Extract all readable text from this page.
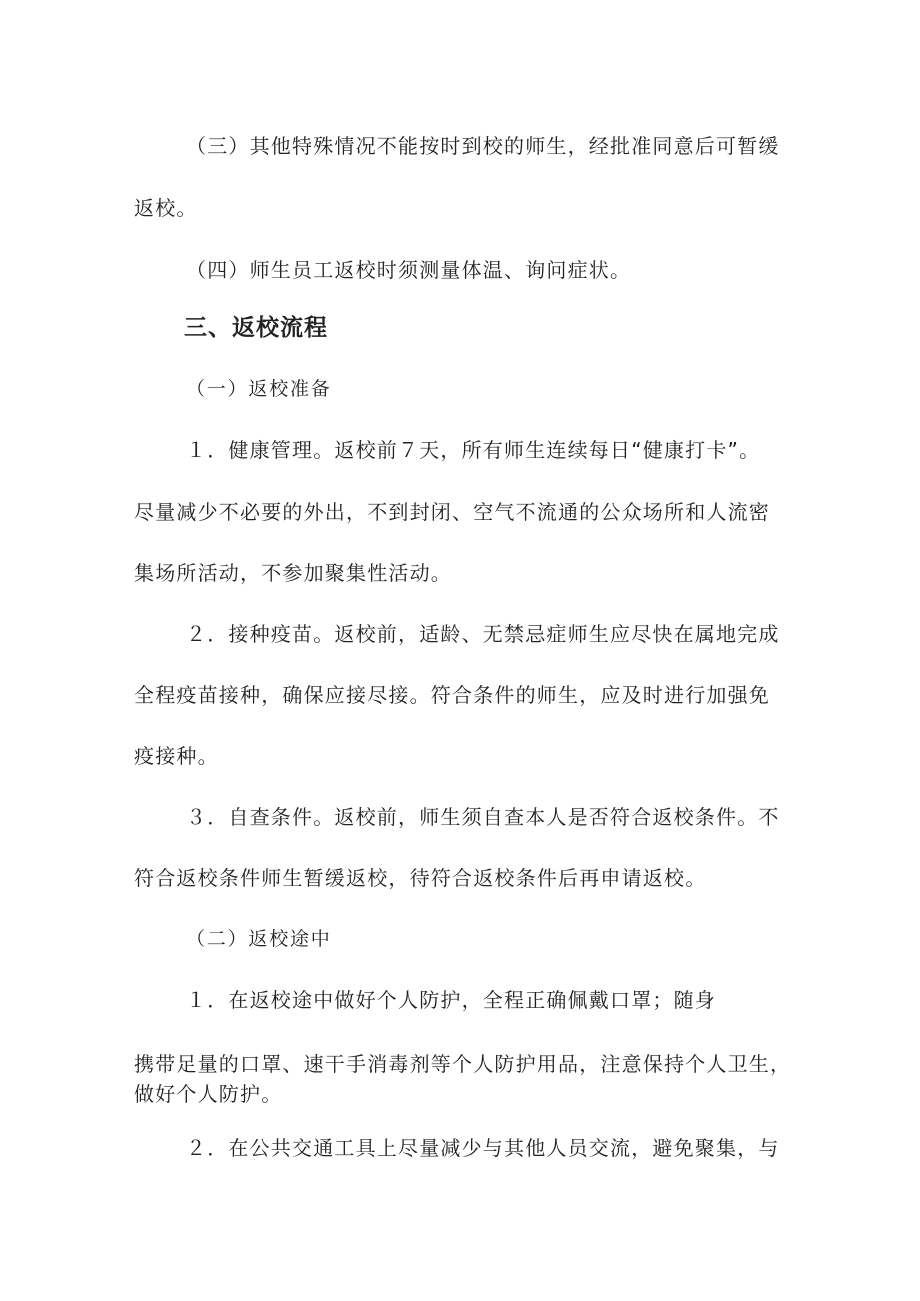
（三）其他特殊情况不能按时到校的师生，经批准同意后可暂缓
返校。
（四）师生员工返校时须测量体温、询问症状。
三、返校流程
（一）返校准备
１．健康管理。返校前７天，所有师生连续每日“健康打卡”。
尽量减少不必要的外出，不到封闭、空气不流通的公众场所和人流密
集场所活动，不参加聚集性活动。
２．接种疫苗。返校前，适龄、无禁忌症师生应尽快在属地完成
全程疫苗接种，确保应接尽接。符合条件的师生，应及时进行加强免
疫接种。
３．自查条件。返校前，师生须自查本人是否符合返校条件。不
符合返校条件师生暂缓返校，待符合返校条件后再申请返校。
（二）返校途中
１．在返校途中做好个人防护，全程正确佩戴口罩；随身
携带足量的口罩、速干手消毒剂等个人防护用品，注意保持个人卫生，
做好个人防护。
２．在公共交通工具上尽量减少与其他人员交流，避免聚集，与
